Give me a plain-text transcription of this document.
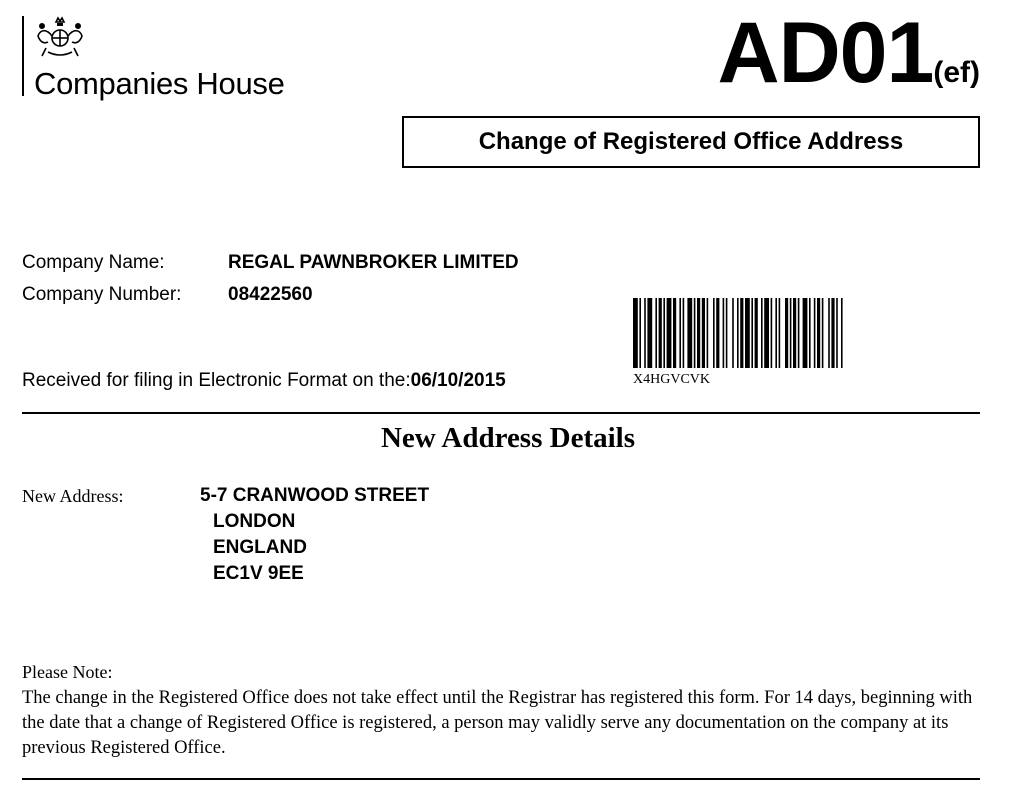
Companies House	AD01(ef)
Change of Registered Office Address
Company Name:	REGAL PAWNBROKER LIMITED
Company Number: 08422560
Received for filing in Electronic Format on the:06/10/2015	X4HGVCVK
New Address Details
New Address:	5-7 CRANWOOD STREET
LONDON
ENGLAND
EC1V 9EE
Please Note:
The change in the Registered Office does not take effect until the Registrar has registered this form. For 14 days, beginning with the date that a change of Registered Office is registered, a person may validly serve any documentation on the company at its previous Registered Office.
